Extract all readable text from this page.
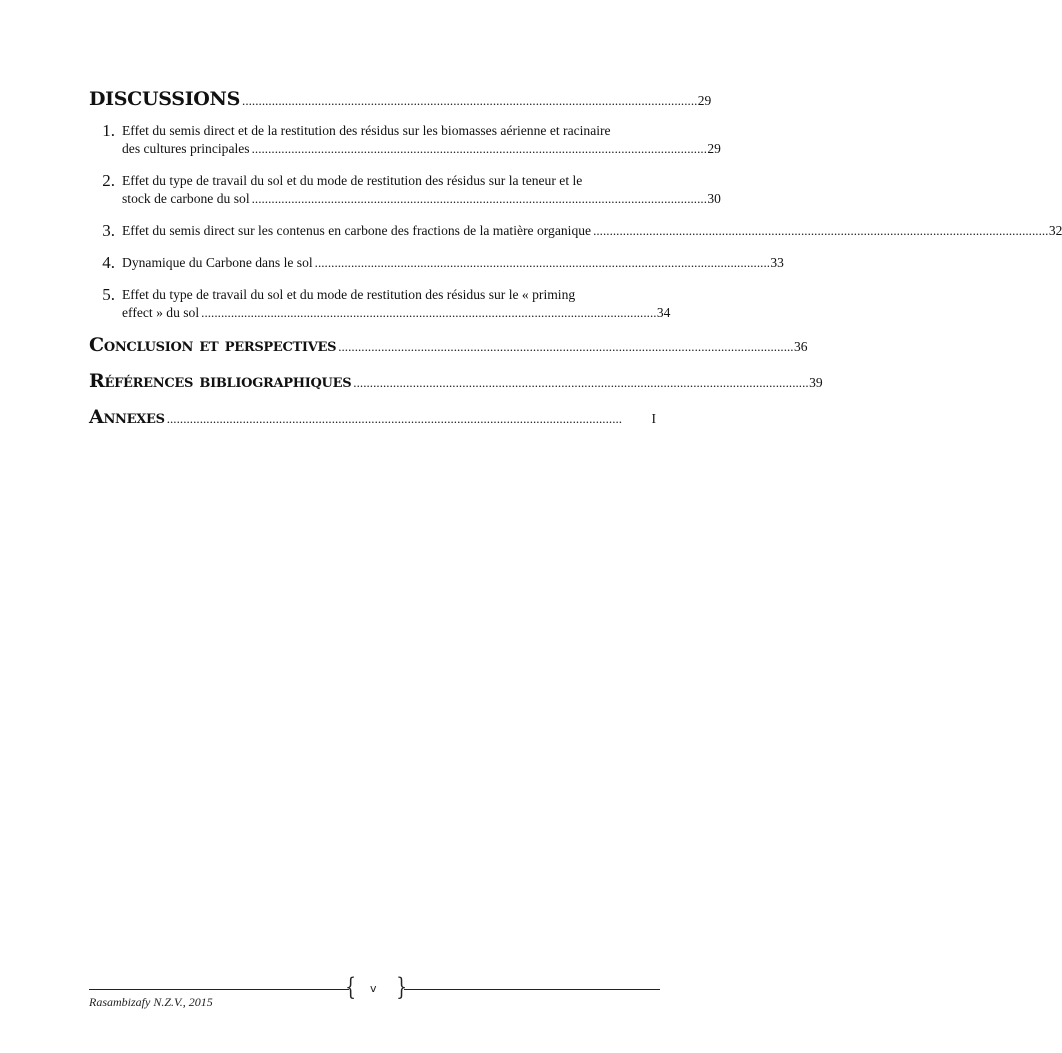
DISCUSSIONS . . .	29
1. Effet du semis direct et de la restitution des résidus sur les biomasses aérienne et racinaire
des cultures principales . . .	29
2. Effet du type de travail du sol et du mode de restitution des résidus sur la teneur et le
stock de carbone du sol . . .	30
3. Effet du semis direct sur les contenus en carbone des fractions de la matière organique . . .	32
4. Dynamique du Carbone dans le sol . . .	33
5. Effet du type de travail du sol et du mode de restitution des résidus sur le « priming
effect » du sol . . .	34
Conclusion et perspectives . . .	36
Références bibliographiques . . .	39
Annexes . . .	I
{ v }
Rasambizafy N.Z.V., 2015
